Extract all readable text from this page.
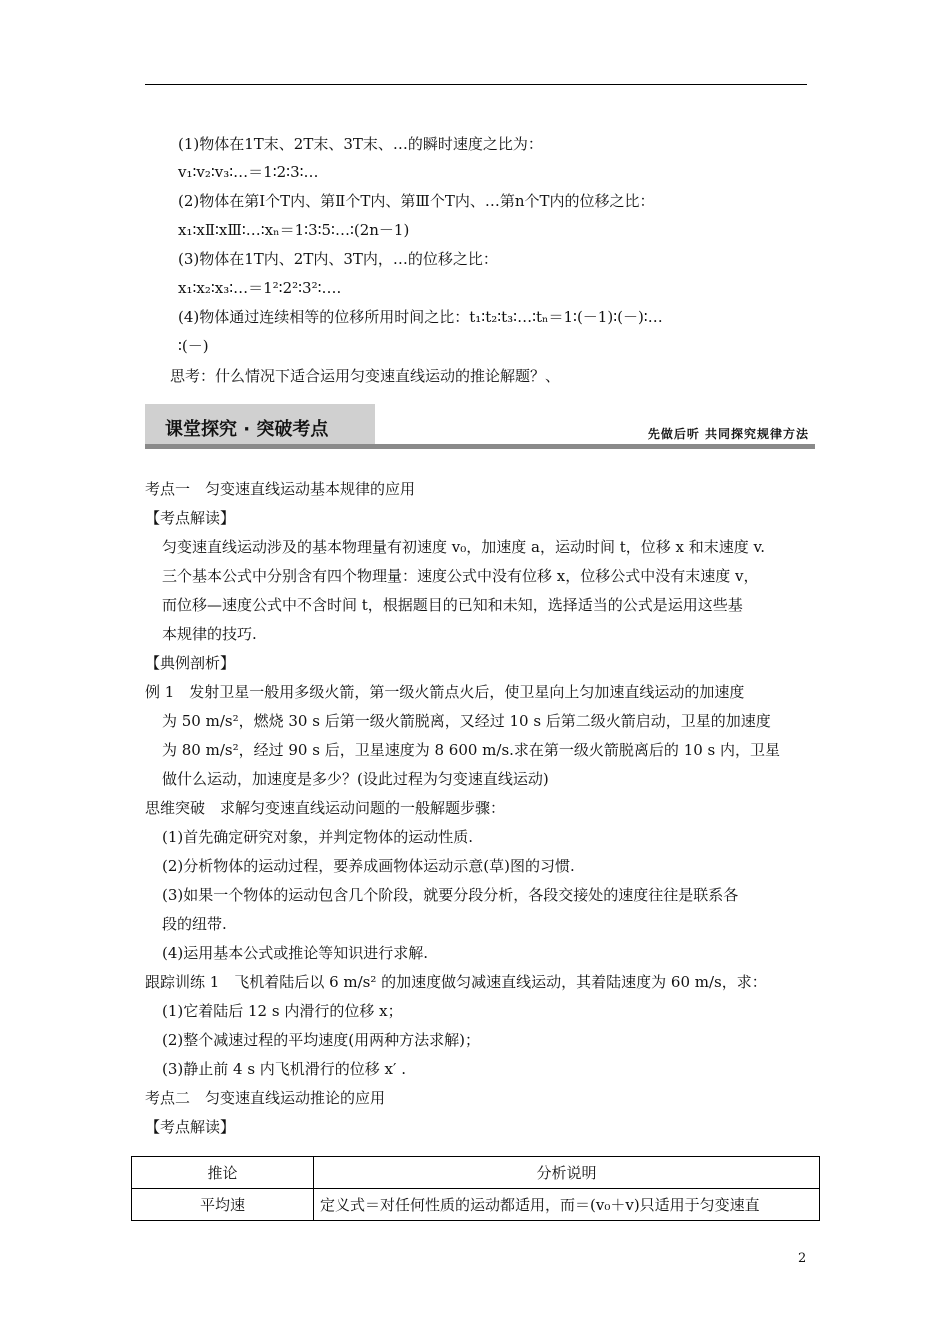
(1)物体在1T末、2T末、3T末、…的瞬时速度之比为：
v₁∶v₂∶v₃∶…＝1∶2∶3∶…
(2)物体在第Ⅰ个T内、第Ⅱ个T内、第Ⅲ个T内、…第n个T内的位移之比：
x₁∶xⅡ∶xⅢ∶…∶xₙ＝1∶3∶5∶…∶(2n－1)
(3)物体在1T内、2T内、3T内，…的位移之比：
x₁∶x₂∶x₃∶…＝1²∶2²∶3²∶….
(4)物体通过连续相等的位移所用时间之比：t₁∶t₂∶t₃∶…∶tₙ＝1∶(－1)∶(－)∶…
∶(－)
思考：什么情况下适合运用匀变速直线运动的推论解题？、
课堂探究 · 突破考点	先做后听 共同探究规律方法
考点一　匀变速直线运动基本规律的应用
【考点解读】
匀变速直线运动涉及的基本物理量有初速度 v₀，加速度 a，运动时间 t，位移 x 和末速度 v.
三个基本公式中分别含有四个物理量：速度公式中没有位移 x，位移公式中没有末速度 v，
而位移—速度公式中不含时间 t，根据题目的已知和未知，选择适当的公式是运用这些基
本规律的技巧.
【典例剖析】
例 1　发射卫星一般用多级火箭，第一级火箭点火后，使卫星向上匀加速直线运动的加速度
为 50 m/s²，燃烧 30 s 后第一级火箭脱离，又经过 10 s 后第二级火箭启动，卫星的加速度
为 80 m/s²，经过 90 s 后，卫星速度为 8 600 m/s.求在第一级火箭脱离后的 10 s 内，卫星
做什么运动，加速度是多少？(设此过程为匀变速直线运动)
思维突破　求解匀变速直线运动问题的一般解题步骤：
(1)首先确定研究对象，并判定物体的运动性质.
(2)分析物体的运动过程，要养成画物体运动示意(草)图的习惯.
(3)如果一个物体的运动包含几个阶段，就要分段分析，各段交接处的速度往往是联系各
段的纽带.
(4)运用基本公式或推论等知识进行求解.
跟踪训练 1　飞机着陆后以 6 m/s² 的加速度做匀减速直线运动，其着陆速度为 60 m/s，求：
(1)它着陆后 12 s 内滑行的位移 x；
(2)整个减速过程的平均速度(用两种方法求解)；
(3)静止前 4 s 内飞机滑行的位移 x′ .
考点二　匀变速直线运动推论的应用
【考点解读】
推论	分析说明
平均速	定义式＝对任何性质的运动都适用，而＝(v₀＋v)只适用于匀变速直
2
